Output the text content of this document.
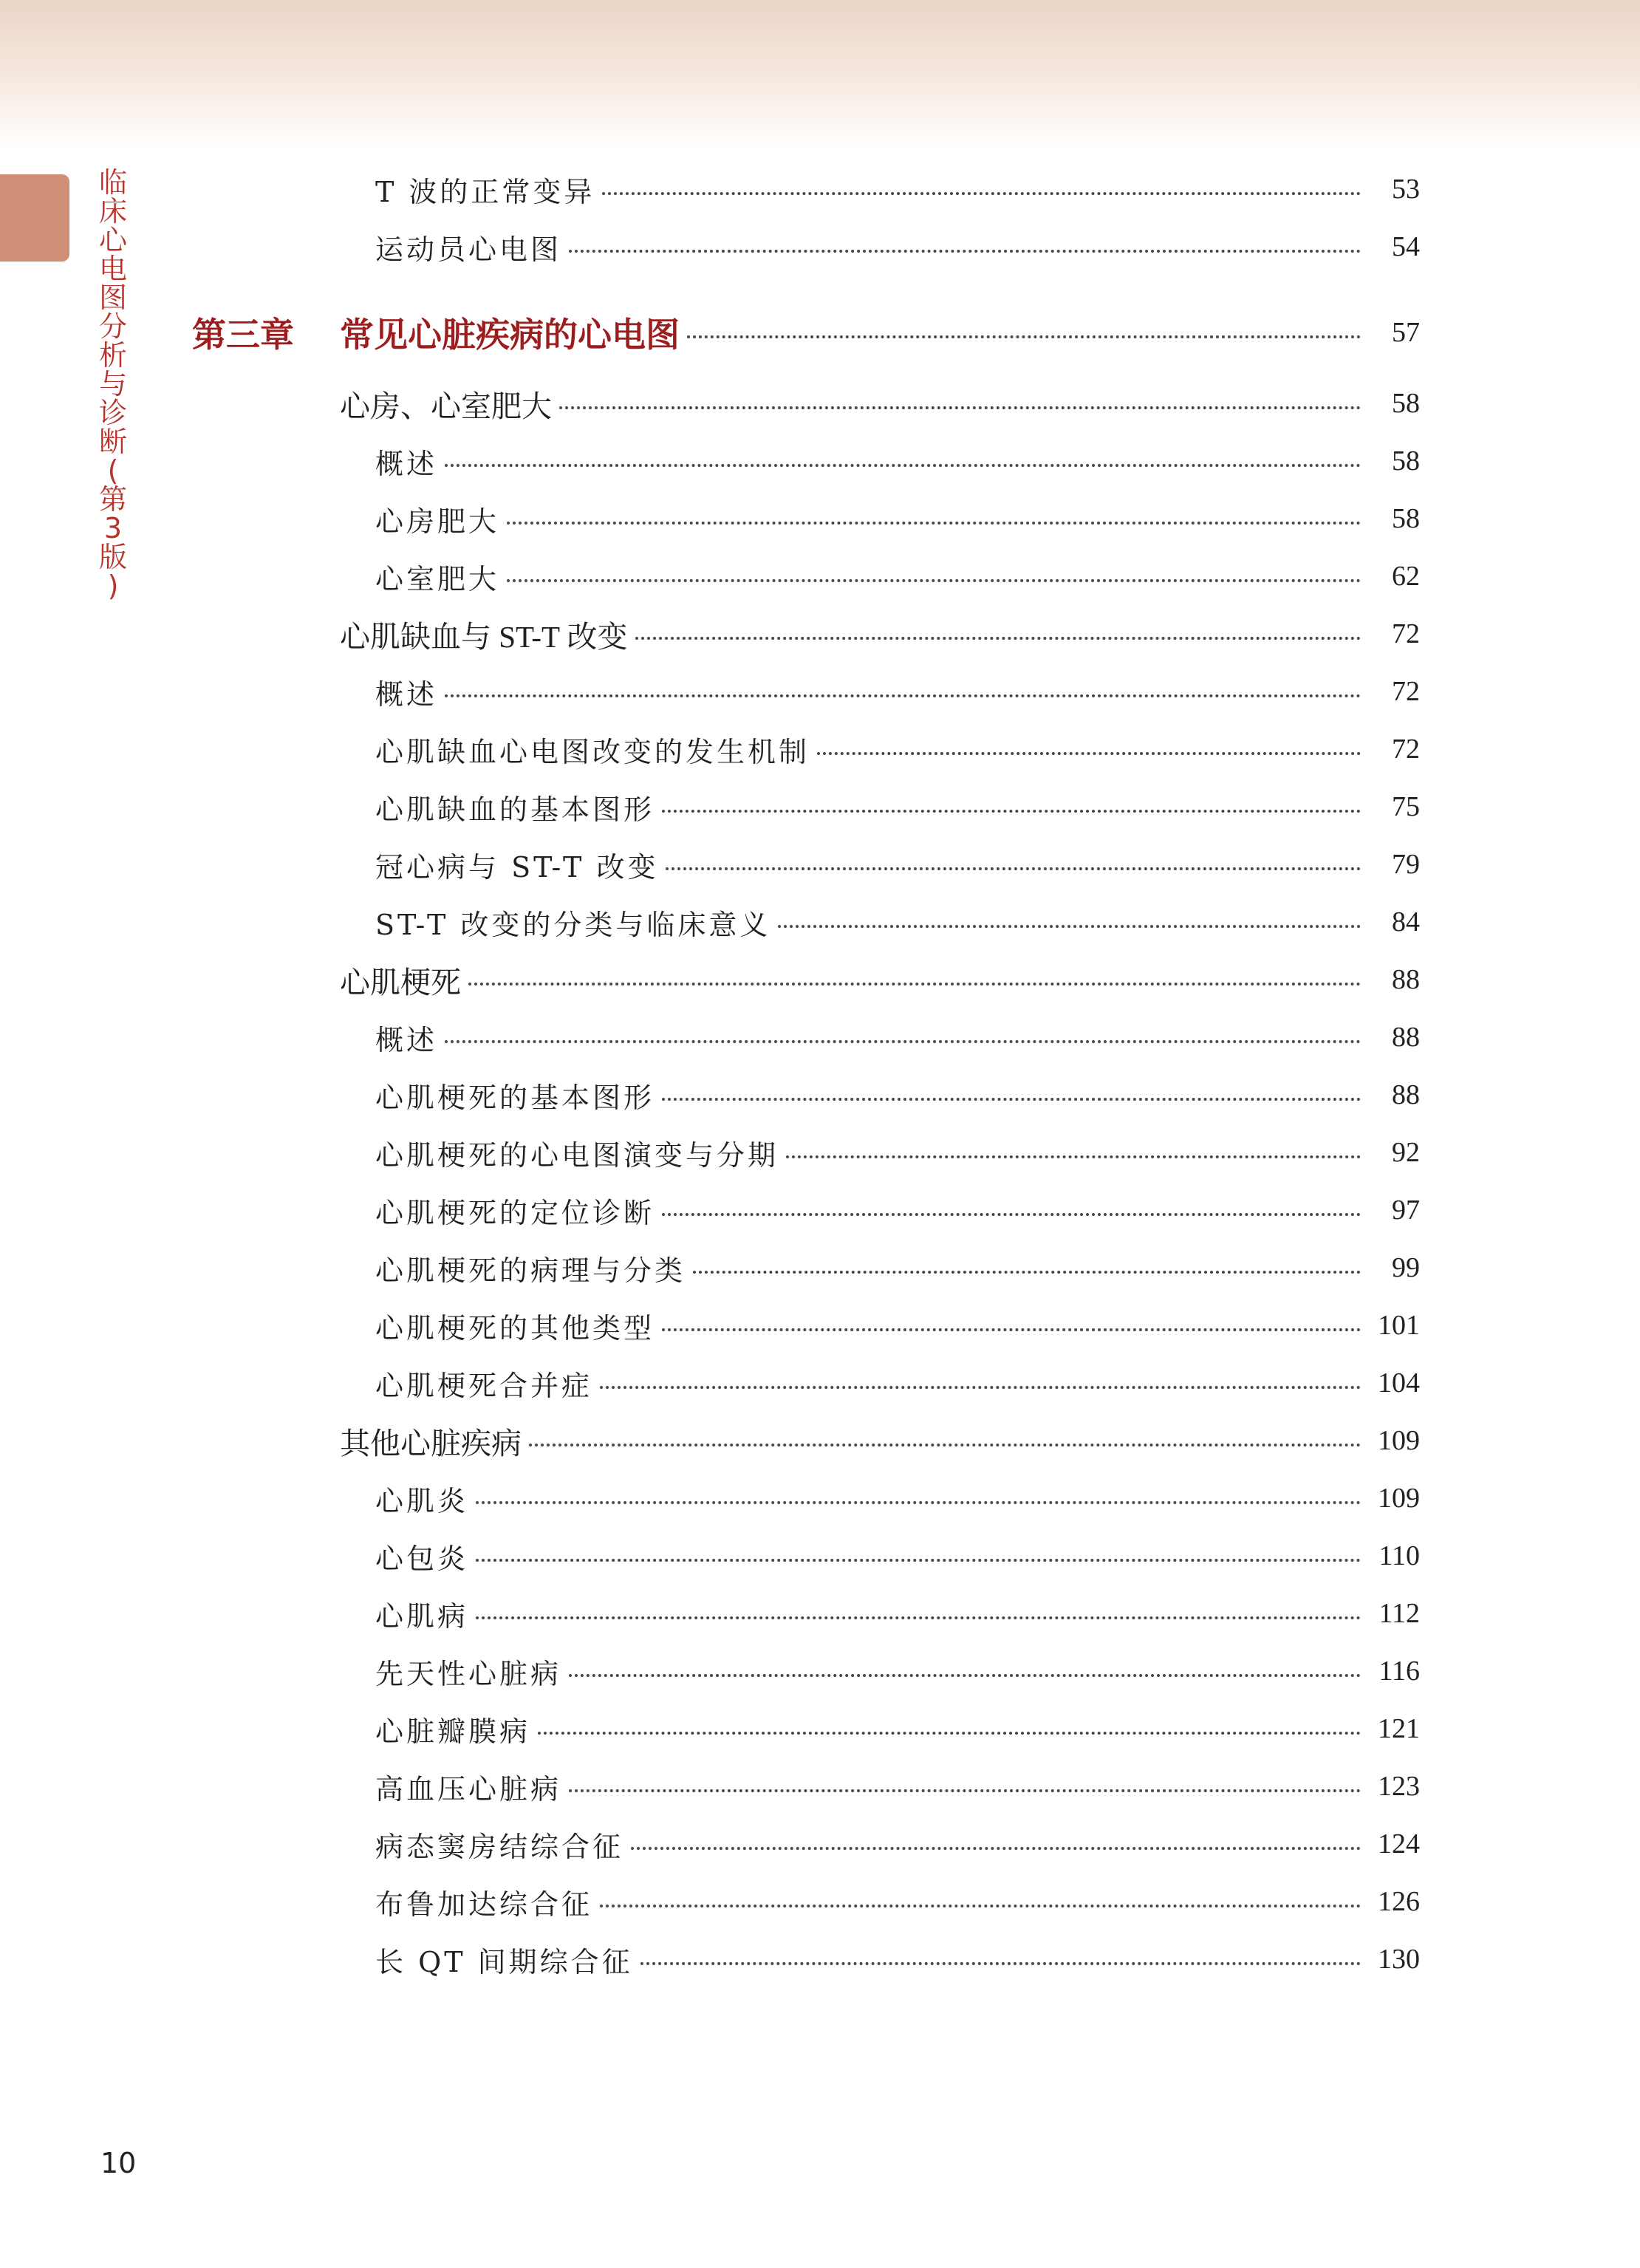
临
床
心
电
图
分
析
与
诊
断
(
第
3
版
)
T 波的正常变异	53
运动员心电图	54
第三章	常见心脏疾病的心电图	57
心房、心室肥大	58
概述	58
心房肥大	58
心室肥大	62
心肌缺血与 ST-T 改变	72
概述	72
心肌缺血心电图改变的发生机制	72
心肌缺血的基本图形	75
冠心病与 ST-T 改变	79
ST-T 改变的分类与临床意义	84
心肌梗死	88
概述	88
心肌梗死的基本图形	88
心肌梗死的心电图演变与分期	92
心肌梗死的定位诊断	97
心肌梗死的病理与分类	99
心肌梗死的其他类型	101
心肌梗死合并症	104
其他心脏疾病	109
心肌炎	109
心包炎	110
心肌病	112
先天性心脏病	116
心脏瓣膜病	121
高血压心脏病	123
病态窦房结综合征	124
布鲁加达综合征	126
长 QT 间期综合征	130
10
